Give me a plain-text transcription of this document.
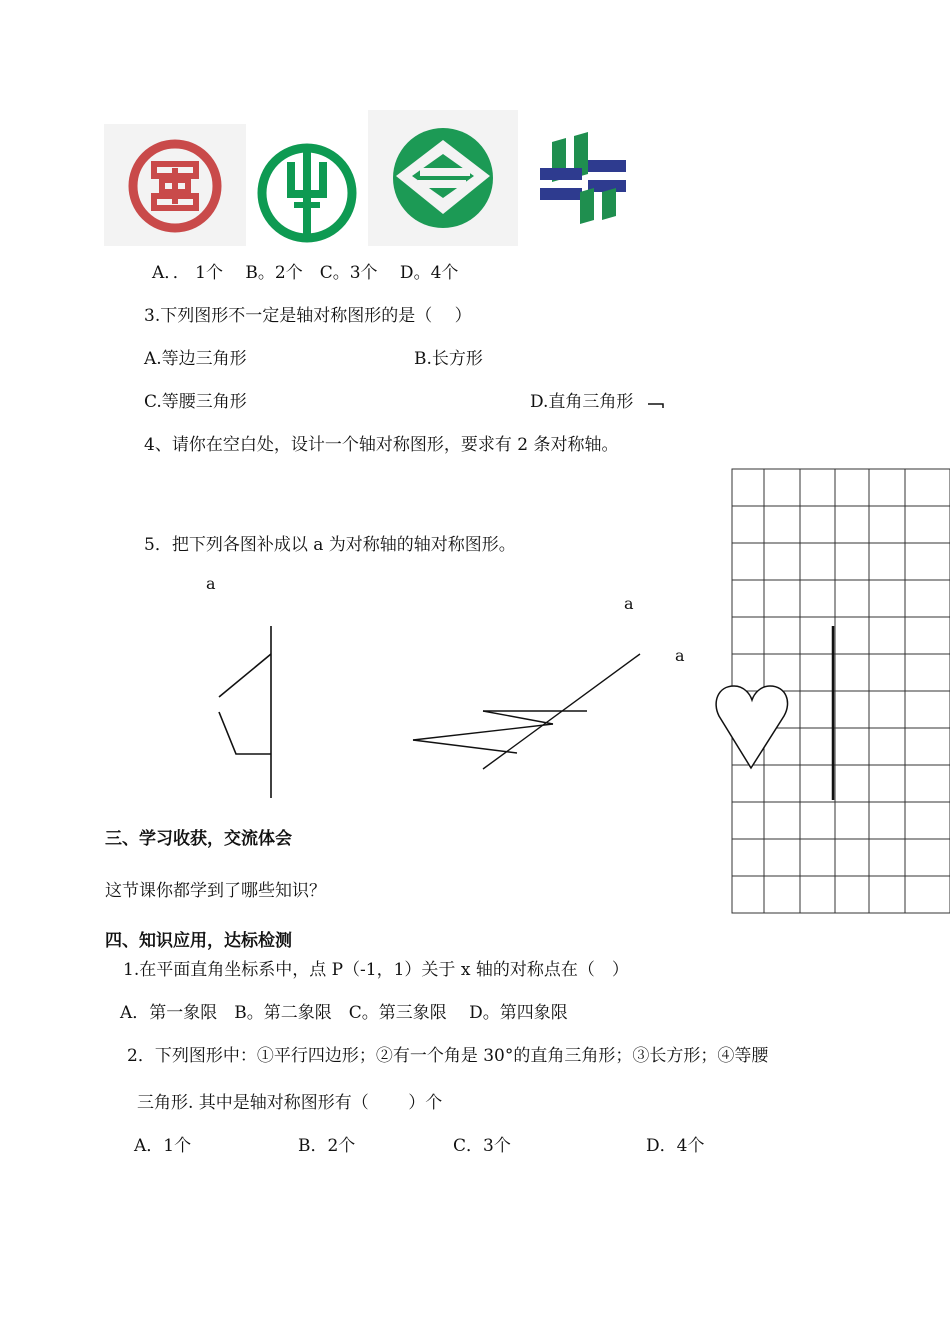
A．． 1个　 B。2个　C。3个　 D。4个
3.下列图形不一定是轴对称图形的是（　 ）
A.等边三角形	B.长方形
C.等腰三角形	D.直角三角形
4、请你在空白处，设计一个轴对称图形，要求有 2 条对称轴。
5．把下列各图补成以 a 为对称轴的轴对称图形。
a
a
a
三、学习收获，交流体会
这节课你都学到了哪些知识？
四、知识应用，达标检测
1.在平面直角坐标系中，点 P（-1，1）关于 x 轴的对称点在（　）
A．第一象限　B。第二象限　C。第三象限　 D。第四象限
2．下列图形中：①平行四边形；②有一个角是 30°的直角三角形；③长方形；④等腰
三角形. 其中是轴对称图形有（　　 ）个
A．1个	B．2个	C．3个	D．4个
